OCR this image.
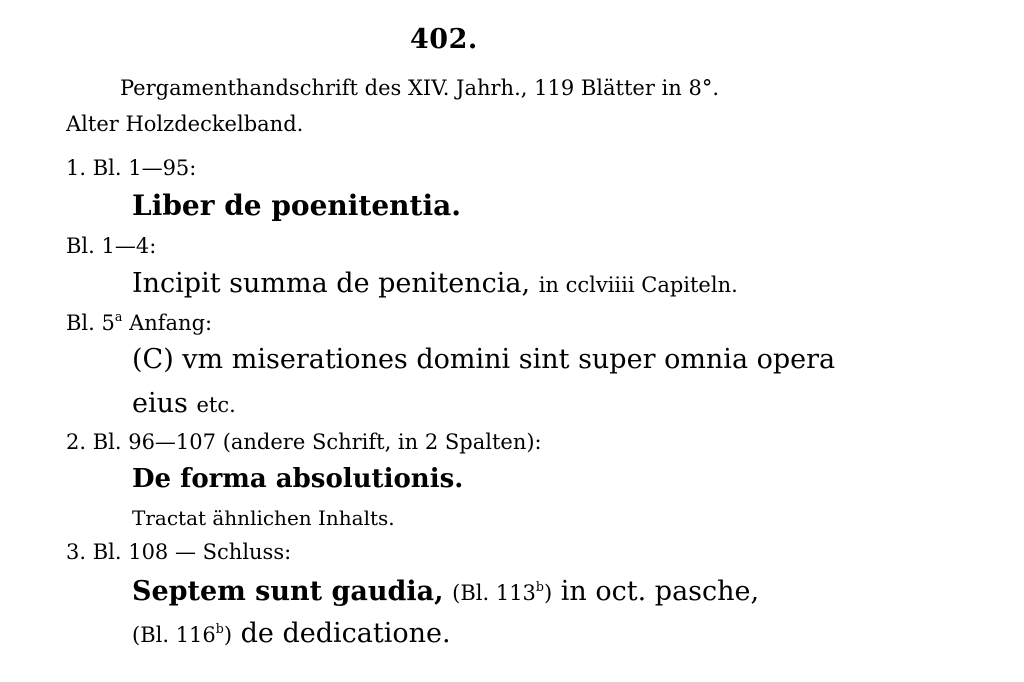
402.
Pergamenthandschrift des XIV. Jahrh., 119 Blätter in 8°.
Alter Holzdeckelband.
1. Bl. 1—95:
Liber de poenitentia.
Bl. 1—4:
Incipit summa de penitencia, in cclviiii Capiteln.
Bl. 5$^a$ Anfang:
(C) vm miserationes domini sint super omnia opera
eius etc.
2. Bl. 96—107 (andere Schrift, in 2 Spalten):
De forma absolutionis.
Tractat ähnlichen Inhalts.
3. Bl. 108 — Schluss:
Septem sunt gaudia, (Bl. 113$^b$) in oct. pasche,
(Bl. 116$^b$) de dedicatione.
